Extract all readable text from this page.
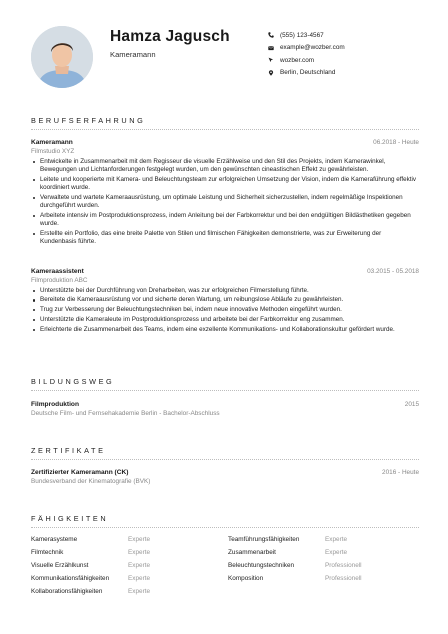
Hamza Jagusch
Kameramann
(555) 123-4567
example@wozber.com
wozber.com
Berlin, Deutschland
BERUFSERFAHRUNG
Kameramann	06.2018 - Heute
Filmstudio XYZ
Entwickelte in Zusammenarbeit mit dem Regisseur die visuelle Erzählweise und den Stil des Projekts, indem Kamerawinkel, Bewegungen und Lichtanforderungen festgelegt wurden, um den gewünschten cineastischen Effekt zu gewährleisten.
Leitete und kooperierte mit Kamera- und Beleuchtungsteam zur erfolgreichen Umsetzung der Vision, indem die Kameraführung effektiv koordiniert wurde.
Verwaltete und wartete Kameraausrüstung, um optimale Leistung und Sicherheit sicherzustellen, indem regelmäßige Inspektionen durchgeführt wurden.
Arbeitete intensiv im Postproduktionsprozess, indem Anleitung bei der Farbkorrektur und bei den endgültigen Bildästhetiken gegeben wurde.
Erstellte ein Portfolio, das eine breite Palette von Stilen und filmischen Fähigkeiten demonstrierte, was zur Erweiterung der Kundenbasis führte.
Kameraassistent	03.2015 - 05.2018
Filmproduktion ABC
Unterstützte bei der Durchführung von Dreharbeiten, was zur erfolgreichen Filmerstellung führte.
Bereitete die Kameraausrüstung vor und sicherte deren Wartung, um reibungslose Abläufe zu gewährleisten.
Trug zur Verbesserung der Beleuchtungstechniken bei, indem neue innovative Methoden eingeführt wurden.
Unterstützte die Kameraleute im Postproduktionsprozess und arbeitete bei der Farbkorrektur eng zusammen.
Erleichterte die Zusammenarbeit des Teams, indem eine exzellente Kommunikations- und Kollaborationskultur gefördert wurde.
BILDUNGSWEG
Filmproduktion	2015
Deutsche Film- und Fernsehakademie Berlin - Bachelor-Abschluss
ZERTIFIKATE
Zertifizierter Kameramann (CK)	2016 - Heute
Bundesverband der Kinematografie (BVK)
FÄHIGKEITEN
Kamerasysteme	Experte
Filmtechnik	Experte
Visuelle Erzählkunst	Experte
Kommunikationsfähigkeiten	Experte
Kollaborationsfähigkeiten	Experte
Teamführungsfähigkeiten	Experte
Zusammenarbeit	Experte
Beleuchtungstechniken	Professionell
Komposition	Professionell
